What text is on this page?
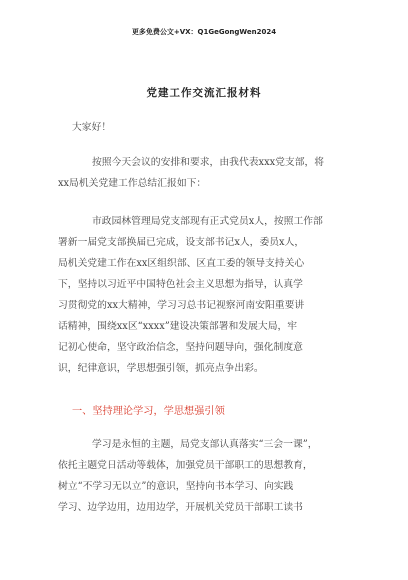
更多免费公文+VX：Q1GeGongWen2024
党建工作交流汇报材料
大家好！
按照今天会议的安排和要求，由我代表xxx党支部，将
xx局机关党建工作总结汇报如下：
市政园林管理局党支部现有正式党员x人，按照工作部
署新一届党支部换届已完成，设支部书记x人，委员x人，
局机关党建工作在xx区组织部、区直工委的领导支持关心
下，坚持以习近平中国特色社会主义思想为指导，认真学
习贯彻党的xx大精神，学习习总书记视察河南安阳重要讲
话精神，围绕xx区“xxxx”建设决策部署和发展大局，牢
记初心使命，坚守政治信念，坚持问题导向，强化制度意
识，纪律意识，学思想强引领，抓亮点争出彩。
一、坚持理论学习，学思想强引领
学习是永恒的主题，局党支部认真落实“三会一课”，
依托主题党日活动等载体，加强党员干部职工的思想教育，
树立“不学习无以立”的意识，坚持向书本学习、向实践
学习、边学边用，边用边学，开展机关党员干部职工读书
